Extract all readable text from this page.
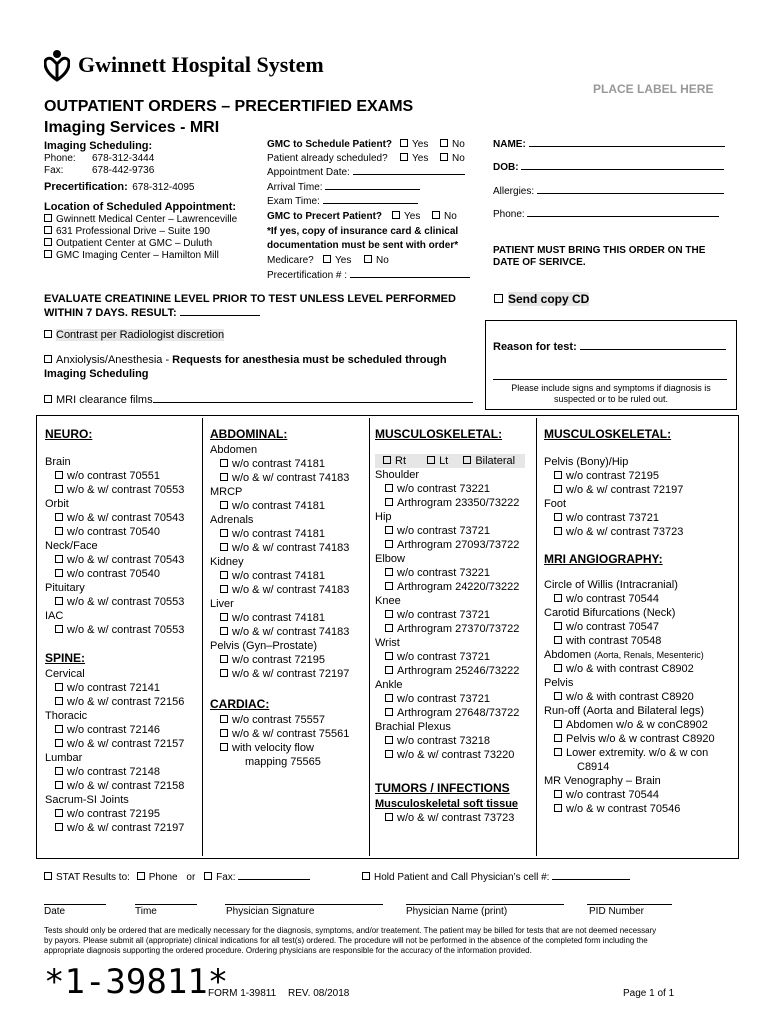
Gwinnett Hospital System
PLACE LABEL HERE
OUTPATIENT ORDERS – PRECERTIFIED EXAMS
Imaging Services - MRI
Imaging Scheduling:
Phone: 678-312-3444
Fax:	678-442-9736
Precertification: 678-312-4095
Location of Scheduled Appointment:
Gwinnett Medical Center – Lawrenceville
631 Professional Drive – Suite 190
Outpatient Center at GMC – Duluth
GMC Imaging Center – Hamilton Mill
GMC to Schedule Patient?	Yes	No
Patient already scheduled?	Yes	No
Appointment Date:
Arrival Time:
Exam Time:
GMC to Precert Patient?	Yes	No
*If yes, copy of insurance card & clinical
documentation must be sent with order*
Medicare?	Yes	No
Precertification # :
NAME:
DOB:
Allergies:
Phone:
PATIENT MUST BRING THIS ORDER ON THE
DATE OF SERIVCE.
EVALUATE CREATININE LEVEL PRIOR TO TEST UNLESS LEVEL PERFORMED
WITHIN 7 DAYS. RESULT:
Send copy CD
Contrast per Radiologist discretion
Anxiolysis/Anesthesia - Requests for anesthesia must be scheduled through
Imaging Scheduling
MRI clearance films
Reason for test:
Please include signs and symptoms if diagnosis is
suspected or to be ruled out.
NEURO:
Brain
w/o contrast 70551
w/o & w/ contrast 70553
Orbit
w/o & w/ contrast 70543
w/o contrast 70540
Neck/Face
w/o & w/ contrast 70543
w/o contrast 70540
Pituitary
w/o & w/ contrast 70553
IAC
w/o & w/ contrast 70553
SPINE:
Cervical
w/o contrast 72141
w/o & w/ contrast 72156
Thoracic
w/o contrast 72146
w/o & w/ contrast 72157
Lumbar
w/o contrast 72148
w/o & w/ contrast 72158
Sacrum-SI Joints
w/o contrast 72195
w/o & w/ contrast 72197
ABDOMINAL:
Abdomen
w/o contrast 74181
w/o & w/ contrast 74183
MRCP
w/o contrast 74181
Adrenals
w/o contrast 74181
w/o & w/ contrast 74183
Kidney
w/o contrast 74181
w/o & w/ contrast 74183
Liver
w/o contrast 74181
w/o & w/ contrast 74183
Pelvis (Gyn–Prostate)
w/o contrast 72195
w/o & w/ contrast 72197
CARDIAC:
w/o contrast 75557
w/o & w/ contrast 75561
with velocity flow
mapping 75565
MUSCULOSKELETAL:
Rt	Lt Bilateral
Shoulder
w/o contrast 73221
Arthrogram 23350/73222
Hip
w/o contrast 73721
Arthrogram 27093/73722
Elbow
w/o contrast 73221
Arthrogram 24220/73222
Knee
w/o contrast 73721
Arthrogram 27370/73722
Wrist
w/o contrast 73721
Arthrogram 25246/73222
Ankle
w/o contrast 73721
Arthrogram 27648/73722
Brachial Plexus
w/o contrast 73218
w/o & w/ contrast 73220
TUMORS / INFECTIONS
Musculoskeletal soft tissue
w/o & w/ contrast 73723
MUSCULOSKELETAL:
Pelvis (Bony)/Hip
w/o contrast 72195
w/o & w/ contrast 72197
Foot
w/o contrast 73721
w/o & w/ contrast 73723
MRI ANGIOGRAPHY:
Circle of Willis (Intracranial)
w/o contrast 70544
Carotid Bifurcations (Neck)
w/o contrast 70547
with contrast 70548
Abdomen (Aorta, Renals, Mesenteric)
w/o & with contrast C8902
Pelvis
w/o & with contrast C8920
Run-off (Aorta and Bilateral legs)
Abdomen w/o & w conC8902
Pelvis w/o & w contrast C8920
Lower extremity. w/o & w con
C8914
MR Venography – Brain
w/o contrast 70544
w/o & w contrast 70546
STAT Results to: Phone or Fax:	Hold Patient and Call Physician’s cell #:
Date	Time	Physician Signature	Physician Name (print)	PID Number
Tests should only be ordered that are medically necessary for the diagnosis, symptoms, and/or treatement. The patient may be billed for tests that are not deemed necessary
by payors. Please submit all (appropriate) clinical indications for all test(s) ordered. The procedure will not be performed in the absence of the completed form including the
appropriate diagnosis supporting the ordered procedure. Ordering physicians are responsible for the accuracy of the information provided.
*1-39811*
FORM 1-39811 REV. 08/2018	Page 1 of 1
